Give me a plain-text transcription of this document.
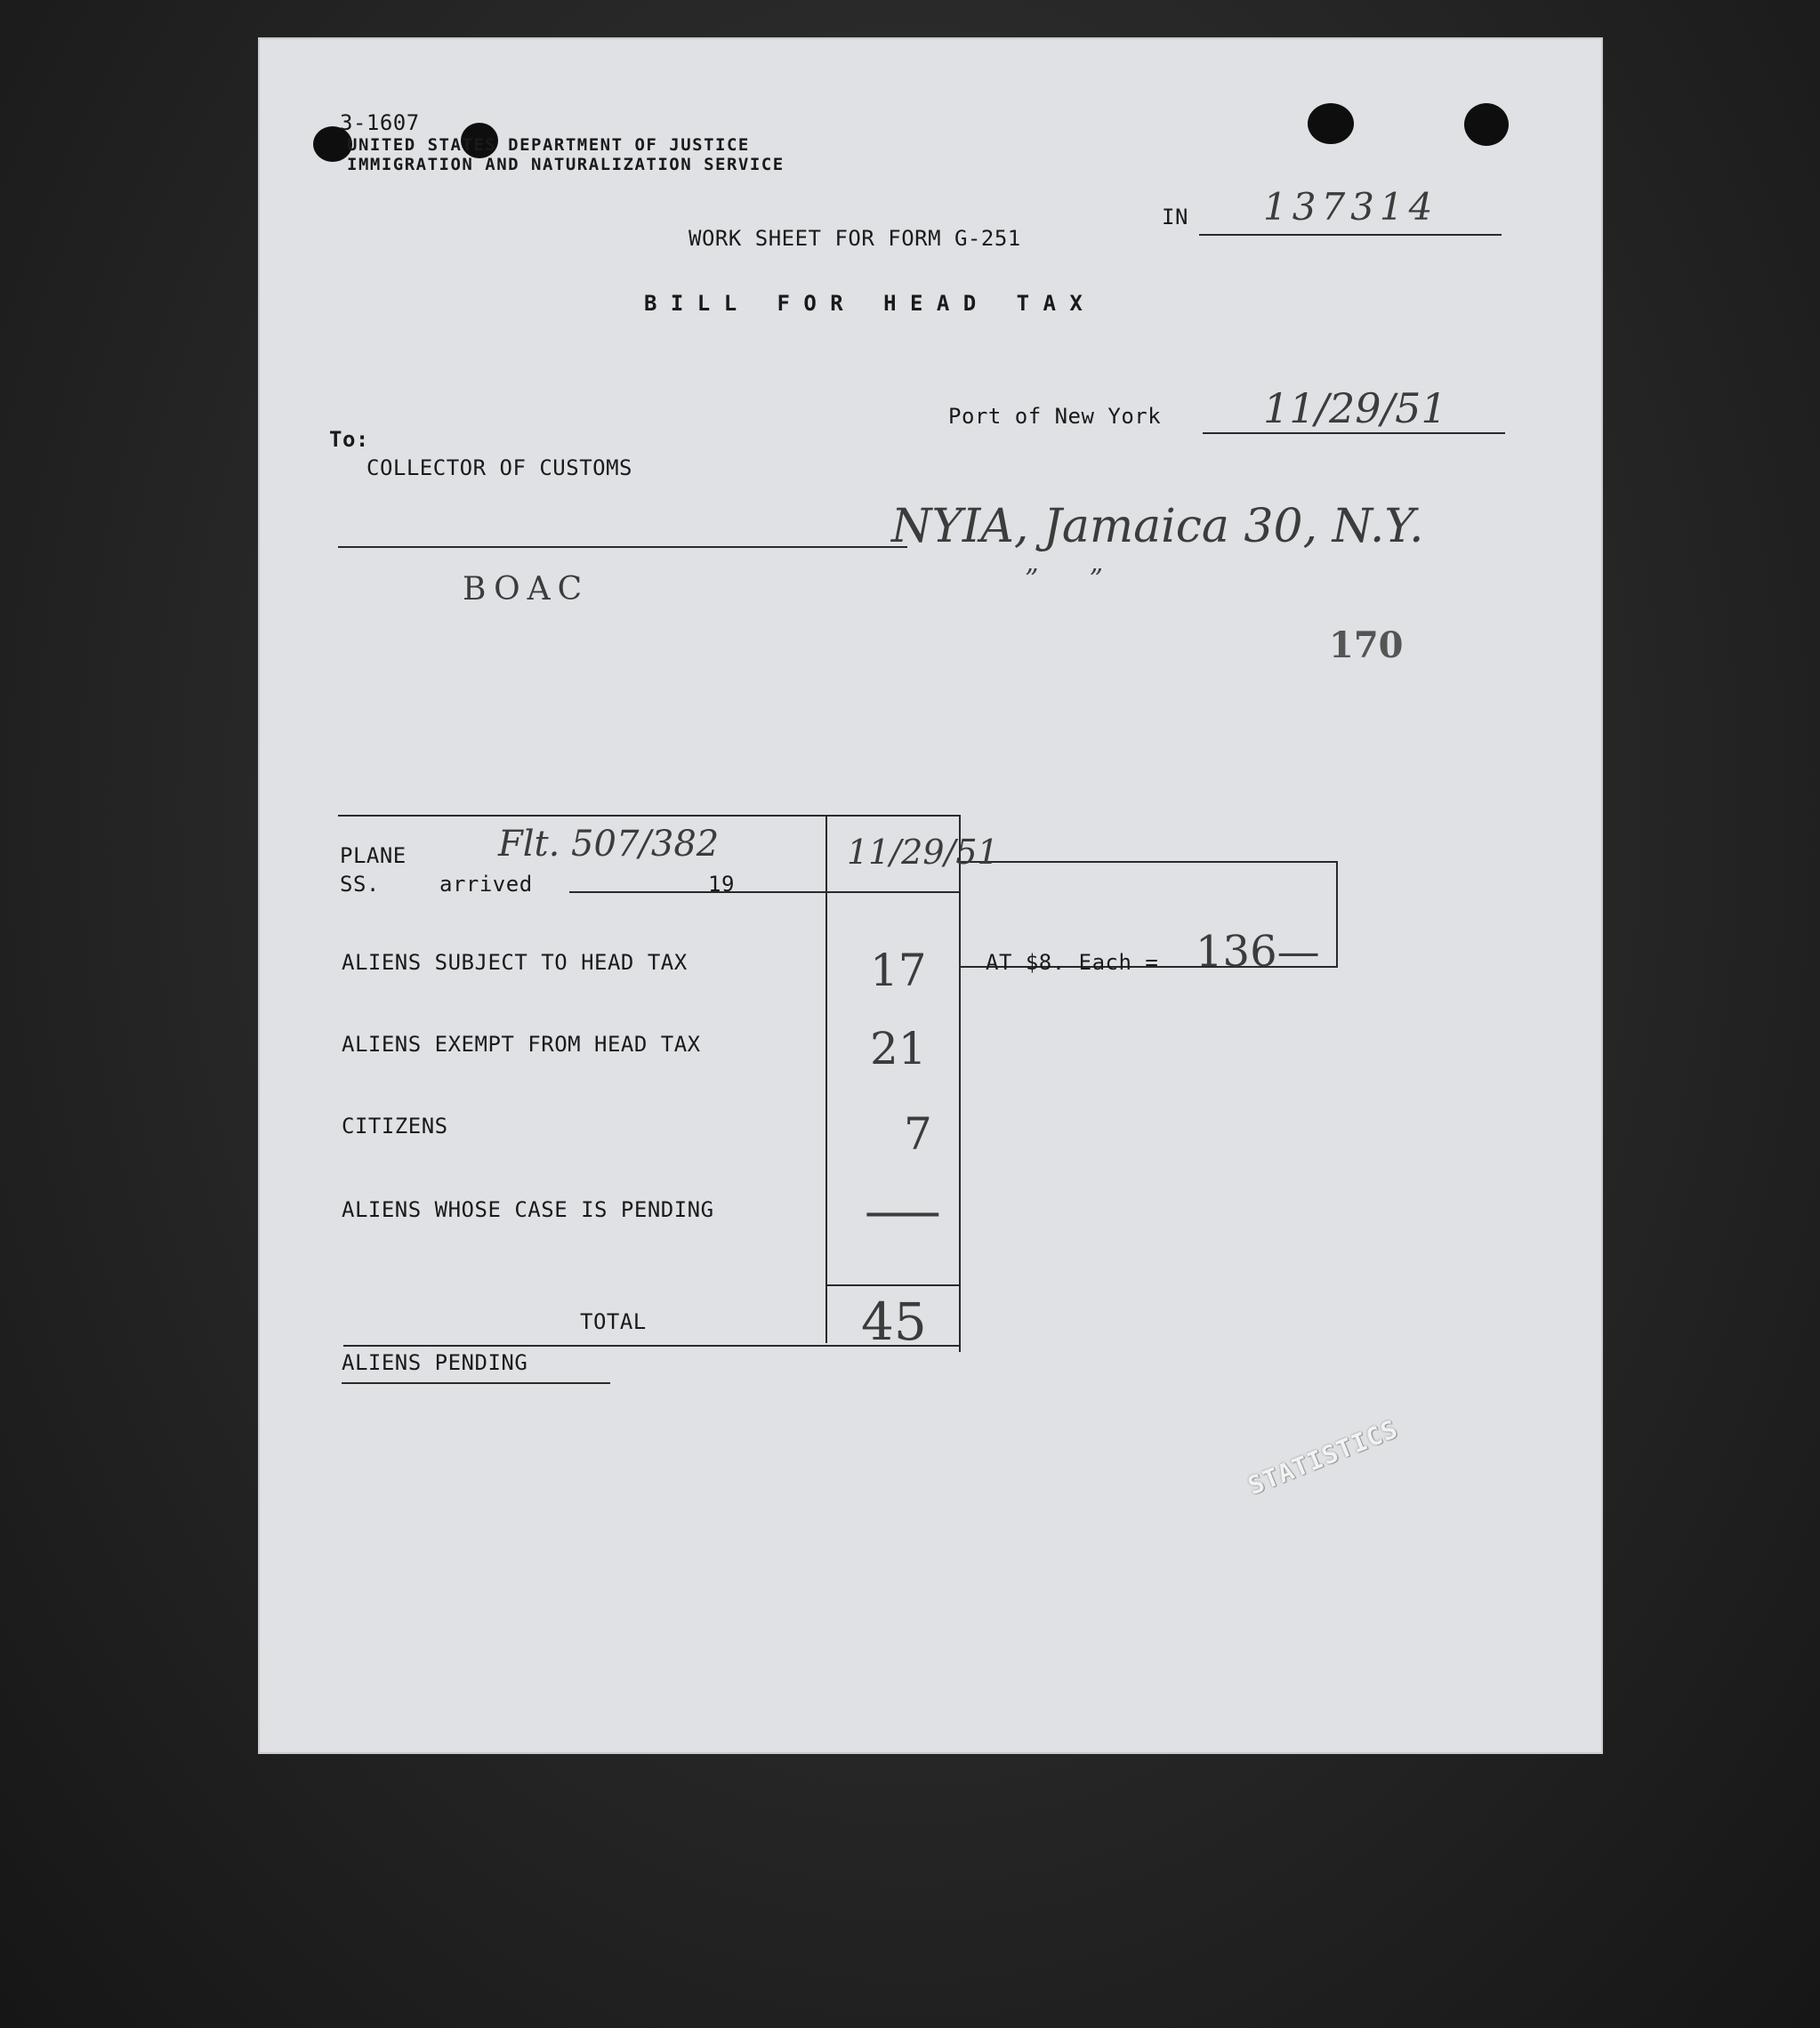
3-1607
UNITED STATES DEPARTMENT OF JUSTICE
IMMIGRATION AND NATURALIZATION SERVICE
IN 137314
WORK SHEET FOR FORM G-251
B I L L   F O R   H E A D   T A X
Port of New York 11/29/51
To:
COLLECTOR OF CUSTOMS
NYIA, Jamaica 30, N.Y.
”      ”
BOAC
170
PLANE
SS.	arrived	19
Flt. 507/382	11/29/51
ALIENS SUBJECT TO HEAD TAX	17	AT $8. Each = 136—
ALIENS EXEMPT FROM HEAD TAX	21
CITIZENS	7
ALIENS WHOSE CASE IS PENDING	—
TOTAL	45
ALIENS PENDING
STATISTICS
